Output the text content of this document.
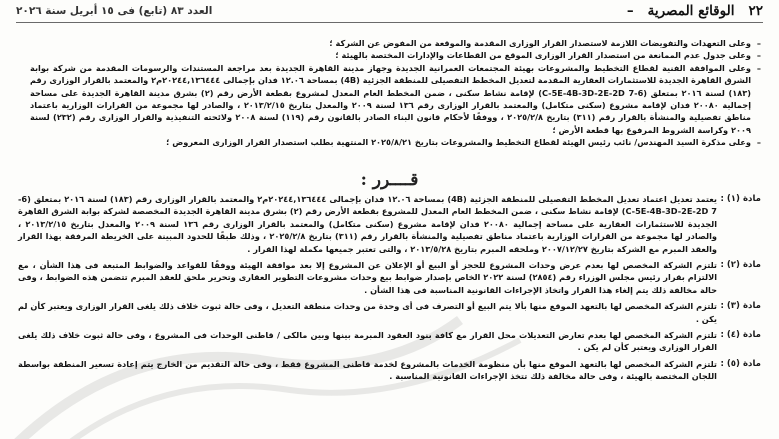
٢٢
الوقائع المصرية
–
العدد ٨٣ (تابع) فى ١٥ أبريل سنة ٢٠٢٦
– وعلى التعهدات والتفويضات اللازمة لاستصدار القرار الوزارى المقدمة والموقعة من المفوض عن الشركة ؛
– وعلى جدول عدم الممانعة من استصدار القرار الوزارى الموقع من القطاعات والإدارات المختصة بالهيئة ؛
– وعلى الموافقة الفنية لقطاع التخطيط والمشروعات بهيئة المجتمعات العمرانية الجديدة وجهاز مدينة القاهرة الجديدة بعد مراجعة المستندات والرسومات المقدمة من شركة بوابة الشرق القاهرة الجديدة للاستثمارات العقارية المقدمة لتعديل المخطط التفصيلى للمنطقة الجزئية (4B) بمساحة ١٢.٠٦ فدان بإجمالى ٢٠٢٤٤,١٣٦٤٤٤م٢ والمعتمد بالقرار الوزارى رقم (١٨٣) لسنة ٢٠١٦ بمتعلق (6-7 C-5E-4B-3D-2E-2D) لإقامة نشاط سكنى ، ضمن المخطط العام المعدل لمشروع بقطعة الأرض رقم (٢) بشرق مدينة القاهرة الجديدة على مساحة إجمالية ٢٠٠٨٠ فدان لإقامة مشروع (سكنى متكامل) والمعتمد بالقرار الوزارى رقم ١٣٦ لسنة ٢٠٠٩ والمعدل بتاريخ ٢٠١٣/٢/١٥ ، والصادر لها مجموعة من القرارات الوزارية باعتماد مناطق تفصيلية والمنشأة بالقرار رقم (٣١١) بتاريخ ٢٠٢٥/٢/٨ ، ووفقًا لأحكام قانون البناء الصادر بالقانون رقم (١١٩) لسنة ٢٠٠٨ ولائحته التنفيذية والقرار الوزارى رقم (٢٣٢) لسنة ٢٠٠٩ وكراسة الشروط المرفوع بها قطعة الأرض ؛
– وعلى مذكرة السيد المهندس/ نائب رئيس الهيئة لقطاع التخطيط والمشروعات بتاريخ ٢٠٢٥/٨/٢١ المنتهية بطلب استصدار القرار الوزارى المعروض ؛
قــــرر :
مادة (١) :
يعتمد تعديل اعتماد تعديل المخطط التفصيلى للمنطقة الجزئية (4B) بمساحة ١٢.٠٦ فدان بإجمالى ٢٠٢٤٤,١٣٦٤٤٤م٢ والمعتمد بالقرار الوزارى رقم (١٨٣) لسنة ٢٠١٦ بمتعلق (6-7 C-5E-4B-3D-2E-2D) لإقامة نشاط سكنى ، ضمن المخطط العام المعدل للمشروع بقطعة الأرض رقم (٢) بشرق مدينة القاهرة الجديدة المخصصة لشركة بوابة الشرق القاهرة الجديدة للاستثمارات العقارية على مساحة إجمالية ٢٠٠٨٠ فدان لإقامة مشروع (سكنى متكامل) والمعتمد بالقرار الوزارى رقم ١٣٦ لسنة ٢٠٠٩ والمعدل بتاريخ ٢٠١٣/٢/١٥ ، والصادر لها مجموعة من القرارات الوزارية باعتماد مناطق تفصيلية والمنشأة بالقرار رقم (٣١١) بتاريخ ٢٠٢٥/٢/٨ ، وذلك طبقًا للحدود المبينة على الخريطة المرفقة بهذا القرار والعقد المبرم مع الشركة بتاريخ ٢٠٠٧/١٢/٢٧ وملحقه المبرم بتاريخ ٢٠١٣/٥/٢٨ ، والتى تعتبر جميعها مكملة لهذا القرار .
مادة (٢) :
تلتزم الشركة المخصص لها بعدم عرض وحدات المشروع للحجز أو البيع أو الإعلان عن المشروع إلا بعد موافقة الهيئة ووفقًا للقواعد والضوابط المتبعة فى هذا الشأن ، مع الالتزام بقرار رئيس مجلس الوزراء رقم (٢٨٥٤) لسنة ٢٠٢٢ الخاص بإصدار ضوابط بيع وحدات مشروعات التطوير العقارى وتحرير ملحق للعقد المبرم تتضمن هذه الضوابط ، وفى حالة مخالفة ذلك يتم إلغاء هذا القرار واتخاذ الإجراءات القانونية المناسبة فى هذا الشأن .
مادة (٣) :
تلتزم الشركة المخصص لها بالتعهد الموقع منها بألا يتم البيع أو التصرف فى أى وحدة من وحدات منطقة التعديل ، وفى حالة ثبوت خلاف ذلك يلغى القرار الوزارى ويعتبر كأن لم يكن .
مادة (٤) :
تلتزم الشركة المخصص لها بعدم تعارض التعديلات محل القرار مع كافة بنود العقود المبرمة بينها وبين مالكى / قاطنى الوحدات فى المشروع ، وفى حالة ثبوت خلاف ذلك يلغى القرار الوزارى ويعتبر كأن لم يكن .
مادة (٥) :
تلتزم الشركة المخصص لها بالتعهد الموقع منها بأن منظومة الخدمات بالمشروع لخدمة قاطنى المشروع فقط ، وفى حالة التقديم من الخارج يتم إعادة تسعير المنطقة بواسطة اللجان المختصة بالهيئة ، وفى حالة مخالفة ذلك تتخذ الإجراءات القانونية المناسبة .
